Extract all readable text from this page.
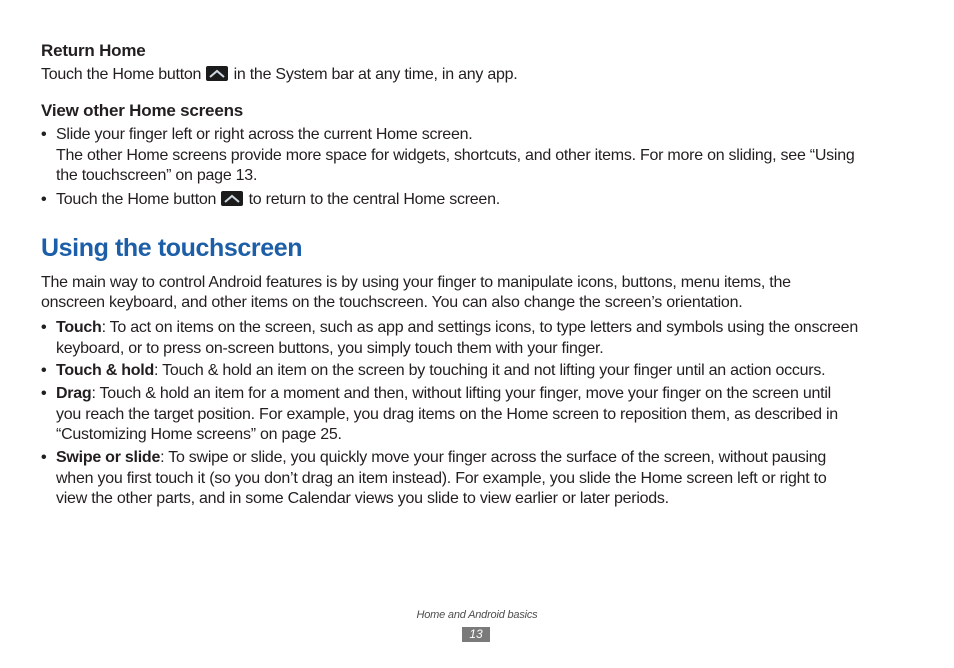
Return Home
Touch the Home button
in the System bar at any time, in any app.
View other Home screens
• Slide your finger left or right across the current Home screen.
The other Home screens provide more space for widgets, shortcuts, and other items. For more on sliding, see “Using
the touchscreen” on page 13.
• Touch the Home button
to return to the central Home screen.
Using the touchscreen
The main way to control Android features is by using your finger to manipulate icons, buttons, menu items, the
onscreen keyboard, and other items on the touchscreen. You can also change the screen’s orientation.
• Touch: To act on items on the screen, such as app and settings icons, to type letters and symbols using the onscreen
keyboard, or to press on-screen buttons, you simply touch them with your finger.
• Touch & hold: Touch & hold an item on the screen by touching it and not lifting your finger until an action occurs.
• Drag: Touch & hold an item for a moment and then, without lifting your finger, move your finger on the screen until
you reach the target position. For example, you drag items on the Home screen to reposition them, as described in
“Customizing Home screens” on page 25.
• Swipe or slide: To swipe or slide, you quickly move your finger across the surface of the screen, without pausing
when you first touch it (so you don’t drag an item instead). For example, you slide the Home screen left or right to
view the other parts, and in some Calendar views you slide to view earlier or later periods.
Home and Android basics
13
